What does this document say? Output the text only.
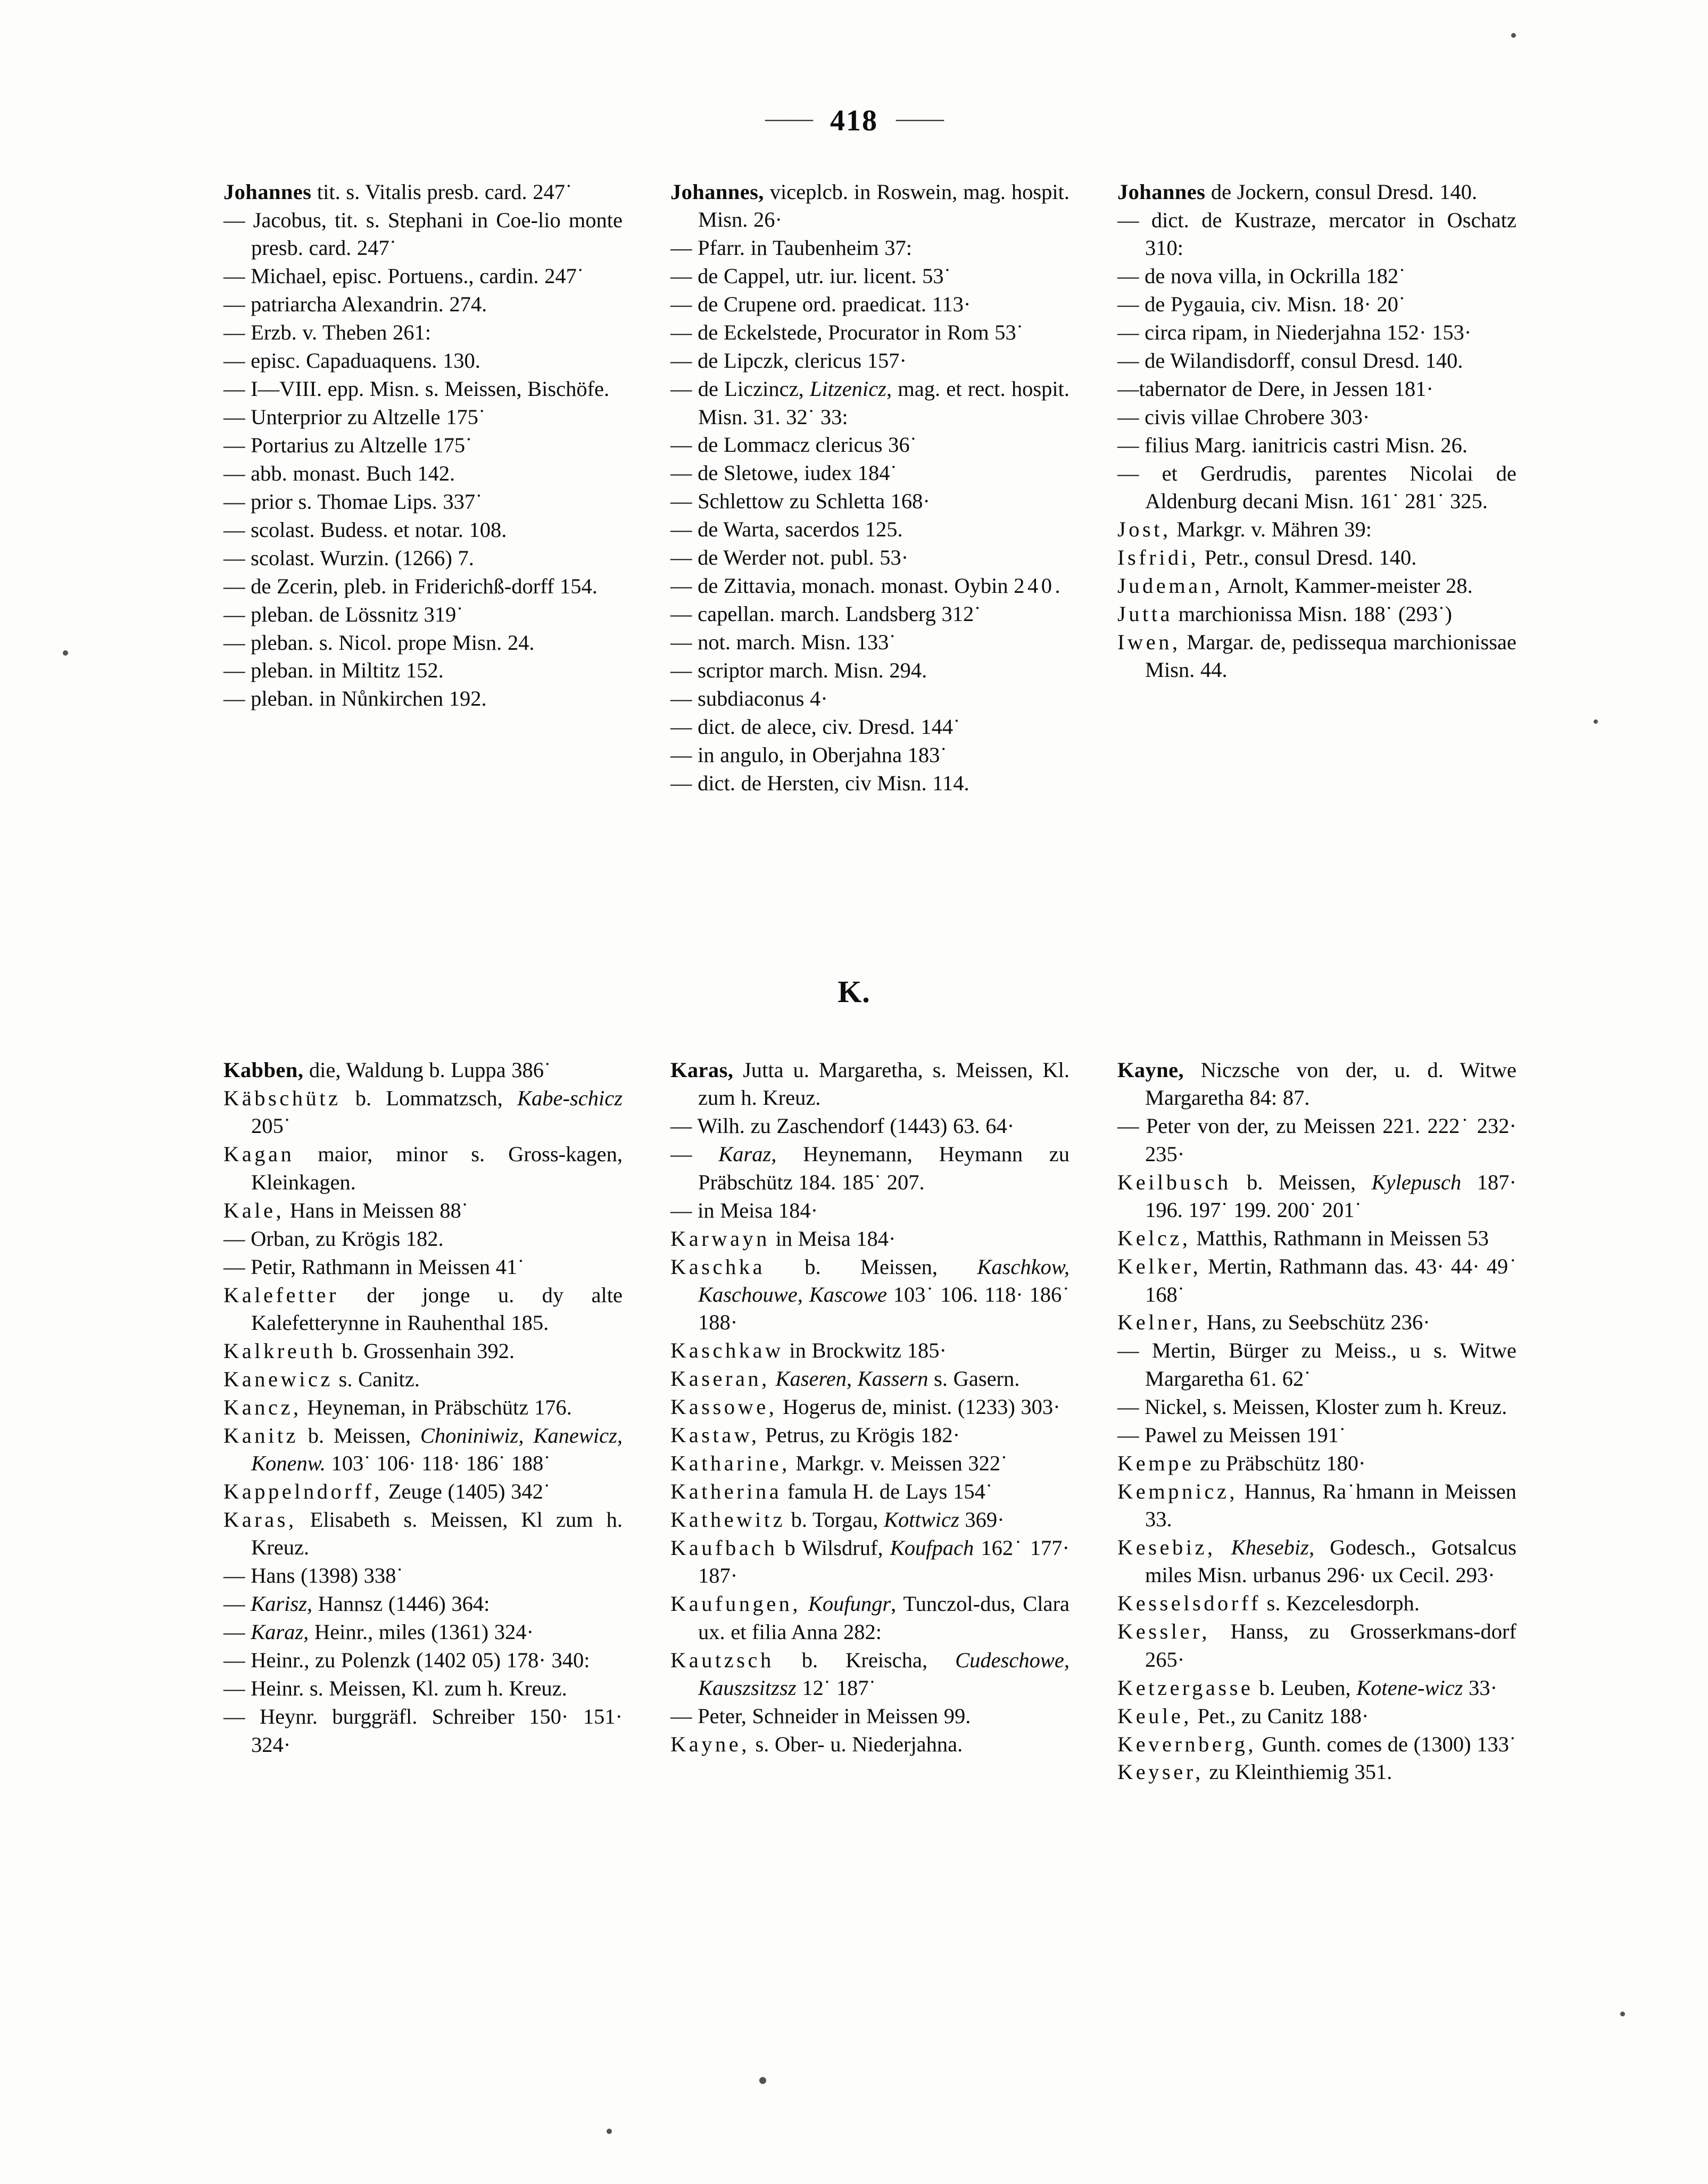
—— 418 ——

Johannes tit. s. Vitalis presb. card. 247˙

— Jacobus, tit. s. Stephani in Coe-lio monte presb. card. 247˙

— Michael, episc. Portuens., cardin. 247˙

— patriarcha Alexandrin. 274.

— Erzb. v. Theben 261:

— episc. Capaduaquens. 130.

— I—VIII. epp. Misn. s. Meissen, Bischöfe.

— Unterprior zu Altzelle 175˙

— Portarius zu Altzelle 175˙

— abb. monast. Buch 142.

— prior s. Thomae Lips. 337˙

— scolast. Budess. et notar. 108.

— scolast. Wurzin. (1266) 7.

— de Zcerin, pleb. in Friderichß-dorff 154.

— pleban. de Lössnitz 319˙

— pleban. s. Nicol. prope Misn. 24.

— pleban. in Miltitz 152.

— pleban. in Nůnkirchen 192.

Johannes, viceplcb. in Roswein, mag. hospit. Misn. 26·

— Pfarr. in Taubenheim 37:

— de Cappel, utr. iur. licent. 53˙

— de Crupene ord. praedicat. 113·

— de Eckelstede, Procurator in Rom 53˙

— de Lipczk, clericus 157·

— de Liczincz, Litzenicz, mag. et rect. hospit. Misn. 31. 32˙ 33:

— de Lommacz clericus 36˙

— de Sletowe, iudex 184˙

— Schlettow zu Schletta 168·

— de Warta, sacerdos 125.

— de Werder not. publ. 53·

— de Zittavia, monach. monast. Oybin 240.

— capellan. march. Landsberg 312˙

— not. march. Misn. 133˙

— scriptor march. Misn. 294.

— subdiaconus 4·

— dict. de alece, civ. Dresd. 144˙

— in angulo, in Oberjahna 183˙

— dict. de Hersten, civ Misn. 114.

Johannes de Jockern, consul Dresd. 140.

— dict. de Kustraze, mercator in Oschatz 310:

— de nova villa, in Ockrilla 182˙

— de Pygauia, civ. Misn. 18· 20˙

— circa ripam, in Niederjahna 152· 153·

— de Wilandisdorff, consul Dresd. 140.

—tabernator de Dere, in Jessen 181·

— civis villae Chrobere 303·

— filius Marg. ianitricis castri Misn. 26.

— et Gerdrudis, parentes Nicolai de Aldenburg decani Misn. 161˙ 281˙ 325.

Jost, Markgr. v. Mähren 39:

Isfridi, Petr., consul Dresd. 140.

Judeman, Arnolt, Kammer-meister 28.

Jutta marchionissa Misn. 188˙ (293˙)

Iwen, Margar. de, pedissequa marchionissae Misn. 44.

K.

Kabben, die, Waldung b. Luppa 386˙

Käbschütz b. Lommatzsch, Kabe-schicz 205˙

Kagan maior, minor s. Gross-kagen, Kleinkagen.

Kale, Hans in Meissen 88˙

— Orban, zu Krögis 182.

— Petir, Rathmann in Meissen 41˙

Kalefetter der jonge u. dy alte Kalefetterynne in Rauhenthal 185.

Kalkreuth b. Grossenhain 392.

Kanewicz s. Canitz.

Kancz, Heyneman, in Präbschütz 176.

Kanitz b. Meissen, Choniniwiz, Kanewicz, Konenw. 103˙ 106· 118· 186˙ 188˙

Kappelndorff, Zeuge (1405) 342˙

Karas, Elisabeth s. Meissen, Kl zum h. Kreuz.

— Hans (1398) 338˙

— Karisz, Hannsz (1446) 364:

— Karaz, Heinr., miles (1361) 324·

— Heinr., zu Polenzk (1402 05) 178· 340:

— Heinr. s. Meissen, Kl. zum h. Kreuz.

— Heynr. burggräfl. Schreiber 150· 151· 324·

Karas, Jutta u. Margaretha, s. Meissen, Kl. zum h. Kreuz.

— Wilh. zu Zaschendorf (1443) 63. 64·

— Karaz, Heynemann, Heymann zu Präbschütz 184. 185˙ 207.

— in Meisa 184·

Karwayn in Meisa 184·

Kaschka b. Meissen, Kaschkow, Kaschouwe, Kascowe 103˙ 106. 118· 186˙ 188·

Kaschkaw in Brockwitz 185·

Kaseran, Kaseren, Kassern s. Gasern.

Kassowe, Hogerus de, minist. (1233) 303·

Kastaw, Petrus, zu Krögis 182·

Katharine, Markgr. v. Meissen 322˙

Katherina famula H. de Lays 154˙

Kathewitz b. Torgau, Kottwicz 369·

Kaufbach b Wilsdruf, Koufpach 162˙ 177· 187·

Kaufungen, Koufungr, Tunczol-dus, Clara ux. et filia Anna 282:

Kautzsch b. Kreischa, Cudeschowe, Kauszsitzsz 12˙ 187˙

— Peter, Schneider in Meissen 99.

Kayne, s. Ober- u. Niederjahna.

Kayne, Niczsche von der, u. d. Witwe Margaretha 84: 87.

— Peter von der, zu Meissen 221. 222˙ 232· 235·

Keilbusch b. Meissen, Kylepusch 187· 196. 197˙ 199. 200˙ 201˙

Kelcz, Matthis, Rathmann in Meissen 53

Kelker, Mertin, Rathmann das. 43· 44· 49˙ 168˙

Kelner, Hans, zu Seebschütz 236·

— Mertin, Bürger zu Meiss., u s. Witwe Margaretha 61. 62˙

— Nickel, s. Meissen, Kloster zum h. Kreuz.

— Pawel zu Meissen 191˙

Kempe zu Präbschütz 180·

Kempnicz, Hannus, Ra˙hmann in Meissen 33.

Kesebiz, Khesebiz, Godesch., Gotsalcus miles Misn. urbanus 296· ux Cecil. 293·

Kesselsdorff s. Kezcelesdorph.

Kessler, Hanss, zu Grosserkmans-dorf 265·

Ketzergasse b. Leuben, Kotene-wicz 33·

Keule, Pet., zu Canitz 188·

Kevernberg, Gunth. comes de (1300) 133˙

Keyser, zu Kleinthiemig 351.
